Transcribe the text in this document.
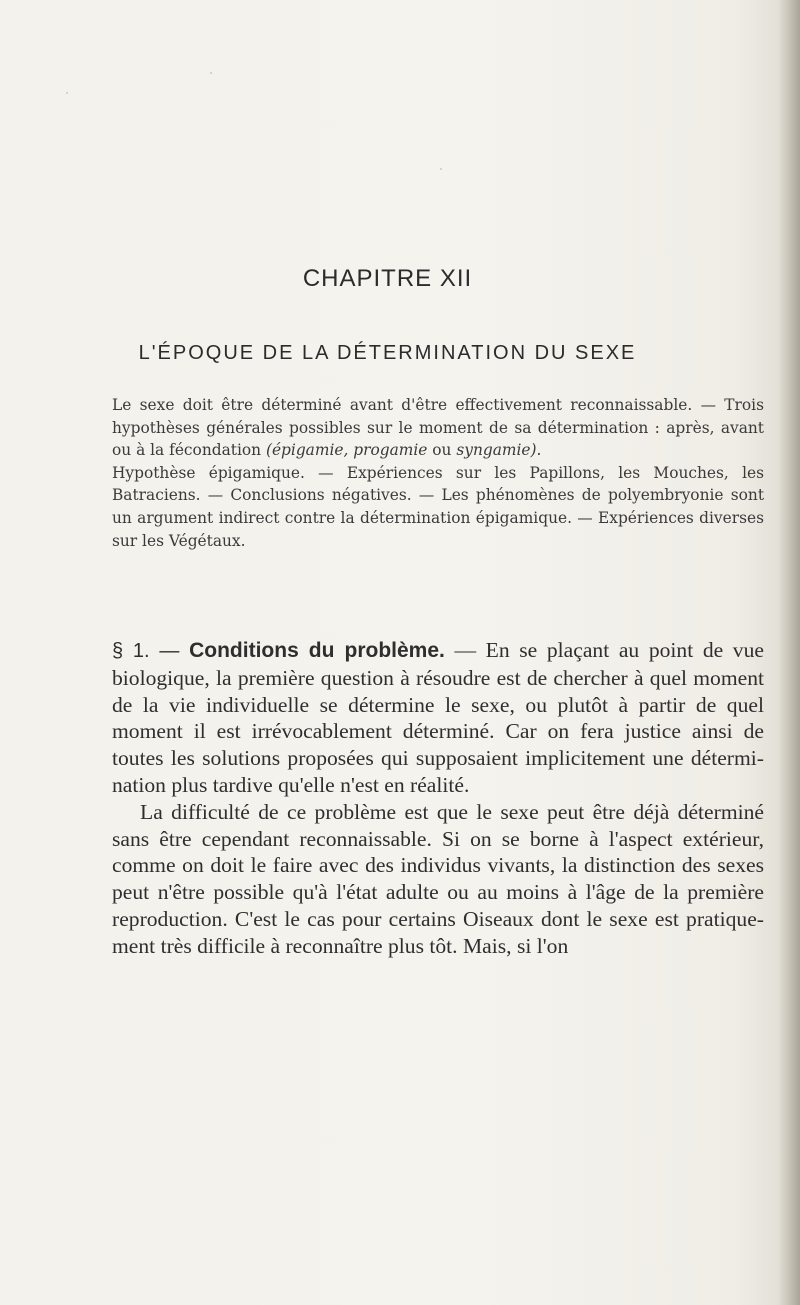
CHAPITRE XII
L'ÉPOQUE DE LA DÉTERMINATION DU SEXE

Le sexe doit être déterminé avant d'être effectivement reconnaissable. — Trois hypothèses générales possibles sur le moment de sa détermination : après, avant ou à la fécondation (épigamie, progamie ou syngamie).

Hypothèse épigamique. — Expériences sur les Papillons, les Mouches, les Batraciens. — Conclusions négatives. — Les phénomènes de polyembryonie sont un argument indirect contre la détermination épigamique. — Expériences diverses sur les Végétaux.

§ 1. — Conditions du problème. — En se plaçant au point de vue biologique, la première question à résoudre est de chercher à quel moment de la vie individuelle se détermine le sexe, ou plutôt à partir de quel moment il est irrévocablement déterminé. Car on fera justice ainsi de toutes les solutions proposées qui supposaient implicitement une détermination plus tardive qu'elle n'est en réalité.

La difficulté de ce problème est que le sexe peut être déjà déterminé sans être cependant reconnaissable. Si on se borne à l'aspect extérieur, comme on doit le faire avec des individus vivants, la distinction des sexes peut n'être possible qu'à l'état adulte ou au moins à l'âge de la première reproduction. C'est le cas pour certains Oiseaux dont le sexe est pratiquement très difficile à reconnaître plus tôt. Mais, si l'on
